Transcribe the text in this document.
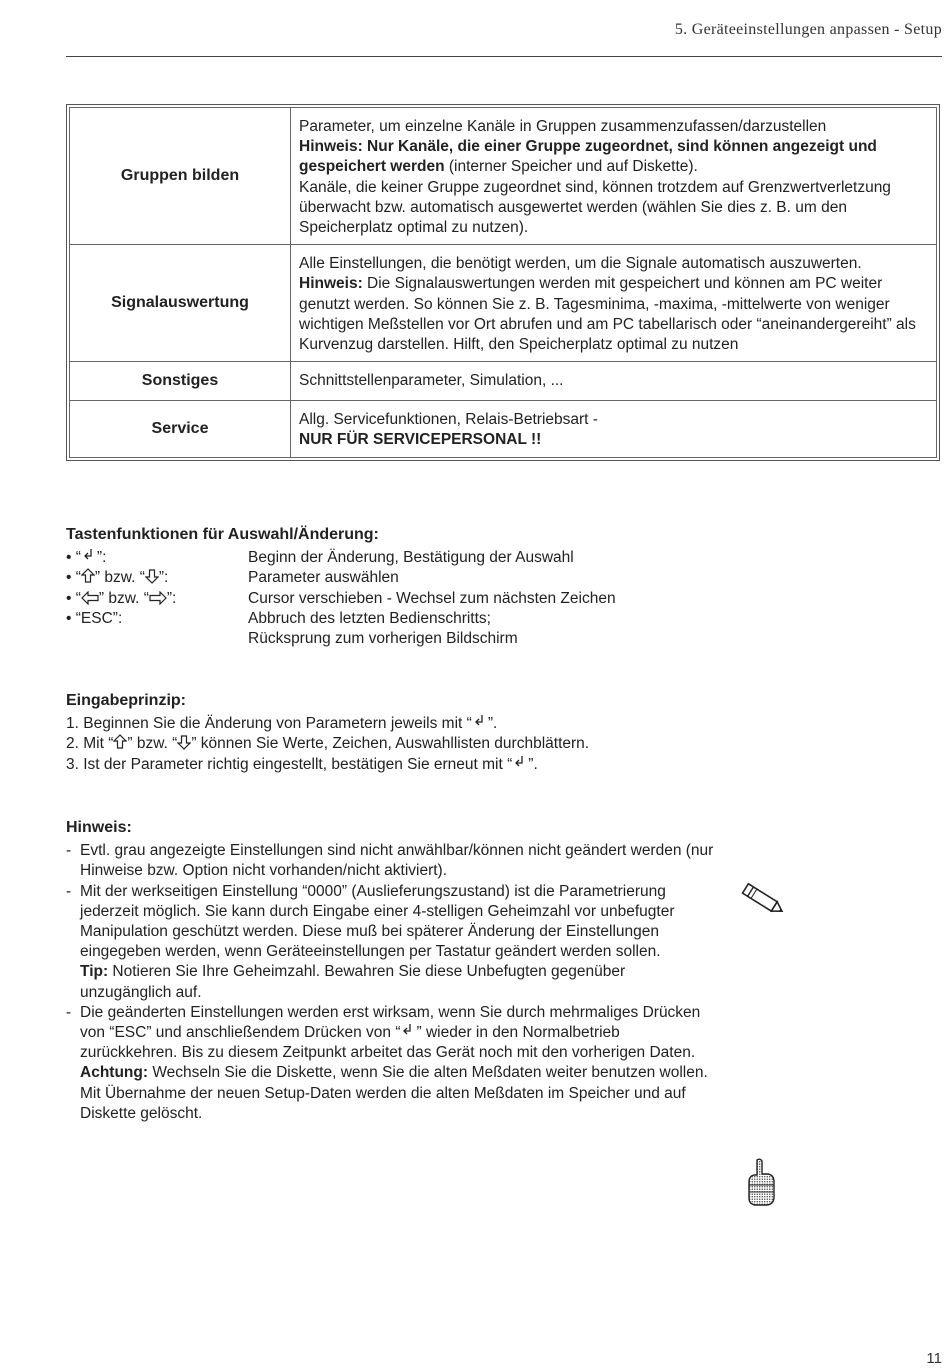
5. Geräteeinstellungen anpassen - Setup
Gruppen bilden	Parameter, um einzelne Kanäle in Gruppen zusammenzufassen/darzustellen

Hinweis: Nur Kanäle, die einer Gruppe zugeordnet, sind können angezeigt und gespeichert werden (interner Speicher und auf Diskette).

Kanäle, die keiner Gruppe zugeordnet sind, können trotzdem auf Grenzwertverletzung überwacht bzw. automatisch ausgewertet werden (wählen Sie dies z. B. um den Speicherplatz optimal zu nutzen).

Signalauswertung	Alle Einstellungen, die benötigt werden, um die Signale automatisch auszuwerten.

Hinweis: Die Signalauswertungen werden mit gespeichert und können am PC weiter genutzt werden. So können Sie z. B. Tagesminima, -maxima, -mittelwerte von weniger wichtigen Meßstellen vor Ort abrufen und am PC tabellarisch oder “aneinandergereiht” als Kurvenzug darstellen. Hilft, den Speicherplatz optimal zu nutzen

Sonstiges	Schnittstellenparameter, Simulation, ...

Service	Allg. Servicefunktionen, Relais-Betriebsart -

NUR FÜR SERVICEPERSONAL !!

Tastenfunktionen für Auswahl/Änderung:
• “ ”:	Beginn der Änderung, Bestätigung der Auswahl

• “ ” bzw. “ ”:	Parameter auswählen

• “ ” bzw. “ ”:	Cursor verschieben - Wechsel zum nächsten Zeichen

• “ESC”:	Abbruch des letzten Bedienschritts;

Rücksprung zum vorherigen Bildschirm

Eingabeprinzip:

1. Beginnen Sie die Änderung von Parametern jeweils mit “ ”.

2. Mit “ ” bzw. “ ” können Sie Werte, Zeichen, Auswahllisten durchblättern.

3. Ist der Parameter richtig eingestellt, bestätigen Sie erneut mit “ ”.

Hinweis:
- Evtl. grau angezeigte Einstellungen sind nicht anwählbar/können nicht geändert werden (nur Hinweise bzw. Option nicht vorhanden/nicht aktiviert).

- Mit der werkseitigen Einstellung “0000” (Auslieferungszustand) ist die Parametrierung jederzeit möglich. Sie kann durch Eingabe einer 4-stelligen Geheimzahl vor unbefugter Manipulation geschützt werden. Diese muß bei späterer Änderung der Einstellungen eingegeben werden, wenn Geräteeinstellungen per Tastatur geändert werden sollen.

Tip: Notieren Sie Ihre Geheimzahl. Bewahren Sie diese Unbefugten gegenüber unzugänglich auf.

- Die geänderten Einstellungen werden erst wirksam, wenn Sie durch mehrmaliges Drücken von “ESC” und anschließendem Drücken von “ ” wieder in den Normalbetrieb zurückkehren. Bis zu diesem Zeitpunkt arbeitet das Gerät noch mit den vorherigen Daten.

Achtung: Wechseln Sie die Diskette, wenn Sie die alten Meßdaten weiter benutzen wollen. Mit Übernahme der neuen Setup-Daten werden die alten Meßdaten im Speicher und auf Diskette gelöscht.

11
